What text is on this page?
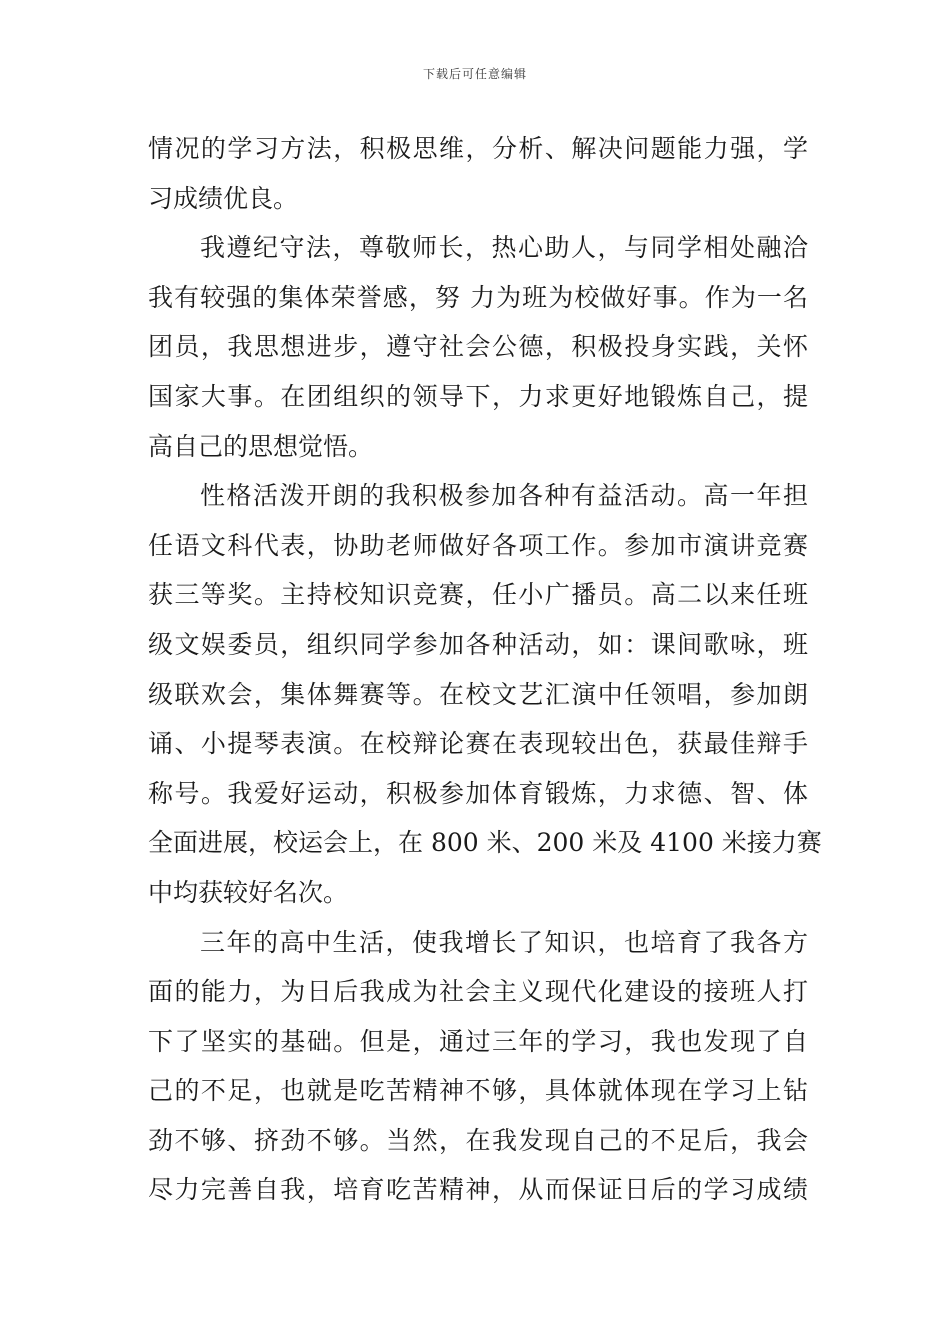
下载后可任意编辑
情况的学习方法，积极思维，分析、解决问题能力强，学
习成绩优良。
我遵纪守法，尊敬师长，热心助人，与同学相处融洽
我有较强的集体荣誉感，努 力为班为校做好事。作为一名
团员，我思想进步，遵守社会公德，积极投身实践，关怀
国家大事。在团组织的领导下，力求更好地锻炼自己，提
高自己的思想觉悟。
性格活泼开朗的我积极参加各种有益活动。高一年担
任语文科代表，协助老师做好各项工作。参加市演讲竞赛
获三等奖。主持校知识竞赛，任小广播员。高二以来任班
级文娱委员，组织同学参加各种活动，如：课间歌咏，班
级联欢会，集体舞赛等。在校文艺汇演中任领唱，参加朗
诵、小提琴表演。在校辩论赛在表现较出色，获最佳辩手
称号。我爱好运动，积极参加体育锻炼，力求德、智、体
全面进展，校运会上，在 800 米、200 米及 4100 米接力赛
中均获较好名次。
三年的高中生活，使我增长了知识，也培育了我各方
面的能力，为日后我成为社会主义现代化建设的接班人打
下了坚实的基础。但是，通过三年的学习，我也发现了自
己的不足，也就是吃苦精神不够，具体就体现在学习上钻
劲不够、挤劲不够。当然，在我发现自己的不足后，我会
尽力完善自我，培育吃苦精神，从而保证日后的学习成绩
